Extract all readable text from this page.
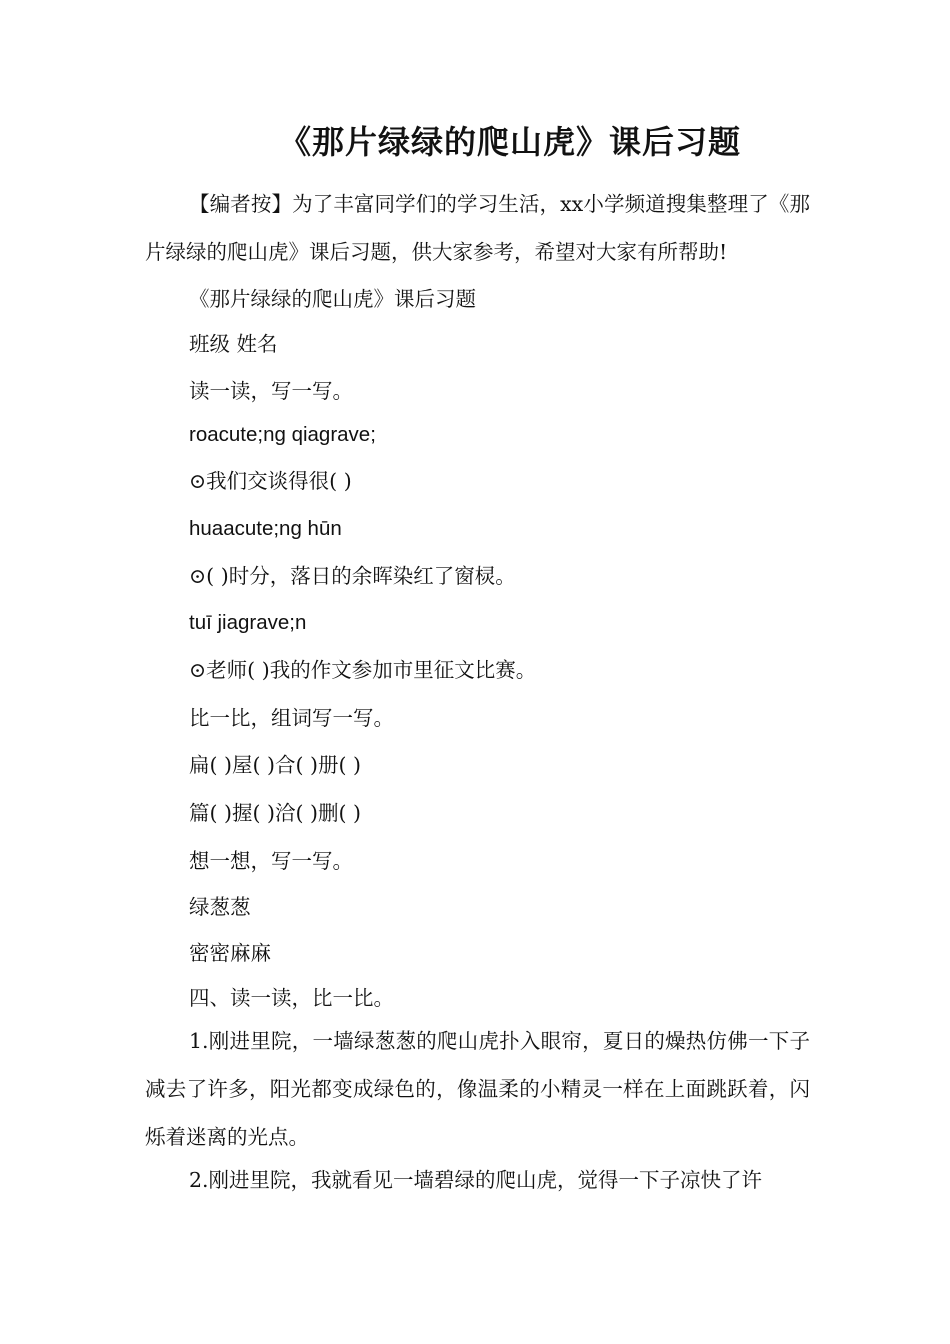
《那片绿绿的爬山虎》课后习题
【编者按】为了丰富同学们的学习生活，xx小学频道搜集整理了《那片绿绿的爬山虎》课后习题，供大家参考，希望对大家有所帮助!
《那片绿绿的爬山虎》课后习题
班级 姓名
读一读，写一写。
roacute;ng qiagrave;
⊙我们交谈得很( )
huaacute;ng hūn
⊙( )时分，落日的余晖染红了窗棂。
tuī jiagrave;n
⊙老师( )我的作文参加市里征文比赛。
比一比，组词写一写。
扁( )屋( )合( )册( )
篇( )握( )洽( )删( )
想一想，写一写。
绿葱葱
密密麻麻
四、读一读，比一比。
1.刚进里院，一墙绿葱葱的爬山虎扑入眼帘，夏日的燥热仿佛一下子减去了许多，阳光都变成绿色的，像温柔的小精灵一样在上面跳跃着，闪烁着迷离的光点。
2.刚进里院，我就看见一墙碧绿的爬山虎，觉得一下子凉快了许
